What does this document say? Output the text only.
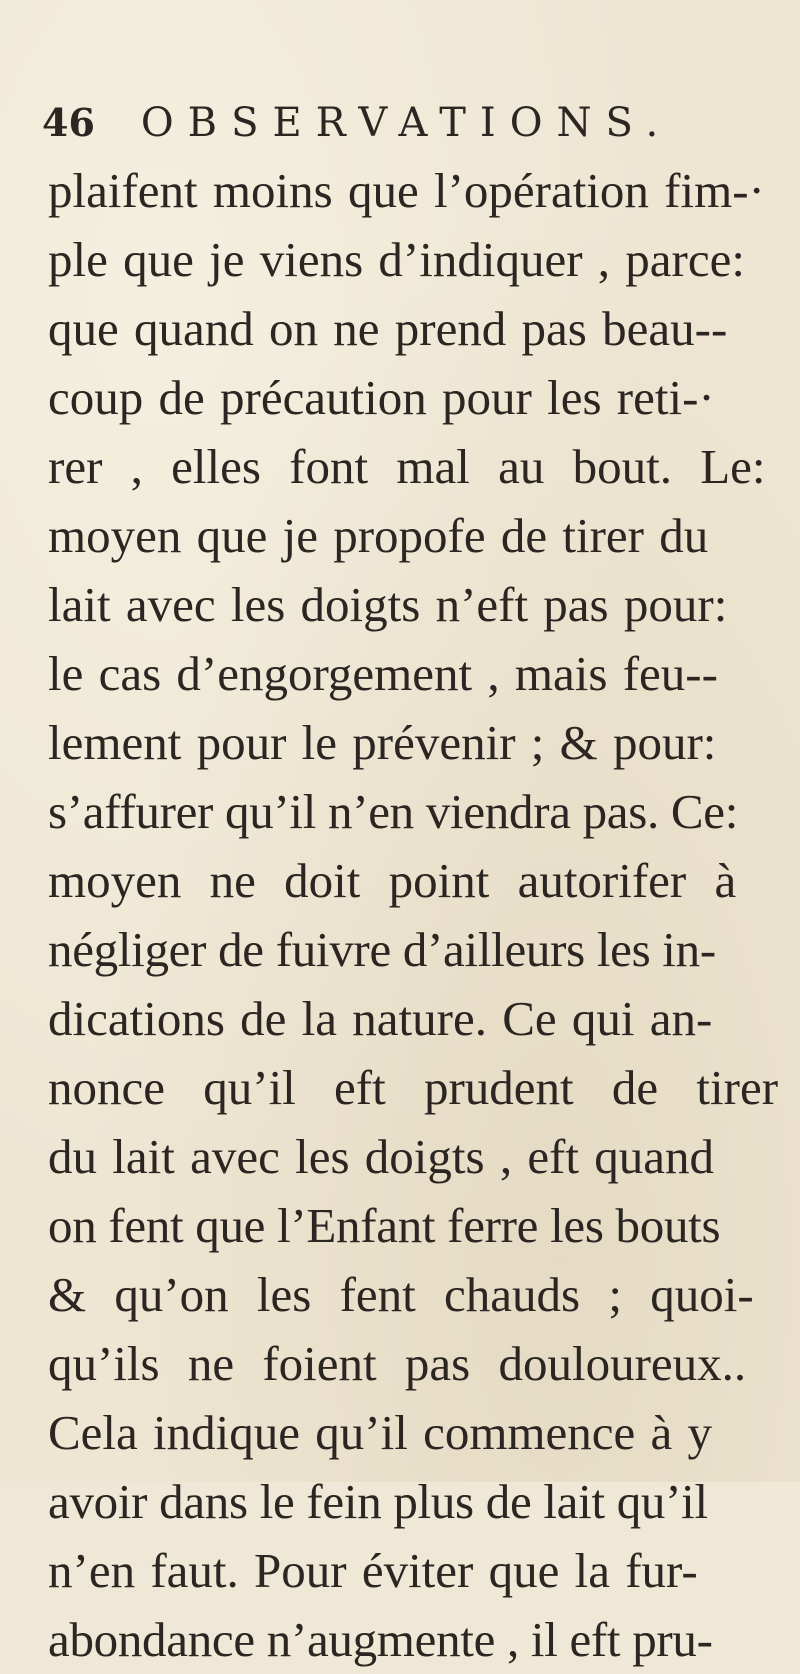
46 OBSERVATIONS.
plaifent moins que l’opération fim-·
ple que je viens d’indiquer , parce:
que quand on ne prend pas beau--
coup de précaution pour les reti-·
rer , elles font mal au bout. Le:
moyen que je propofe de tirer du
lait avec les doigts n’eft pas pour:
le cas d’engorgement , mais feu--
lement pour le prévenir ; & pour:
s’affurer qu’il n’en viendra pas. Ce:
moyen ne doit point autorifer à
négliger de fuivre d’ailleurs les in-
dications de la nature. Ce qui an-
nonce qu’il eft prudent de tirer
du lait avec les doigts , eft quand
on fent que l’Enfant ferre les bouts
& qu’on les fent chauds ; quoi-
qu’ils ne foient pas douloureux..
Cela indique qu’il commence à y
avoir dans le fein plus de lait qu’il
n’en faut. Pour éviter que la fur-
abondance n’augmente , il eft pru-
